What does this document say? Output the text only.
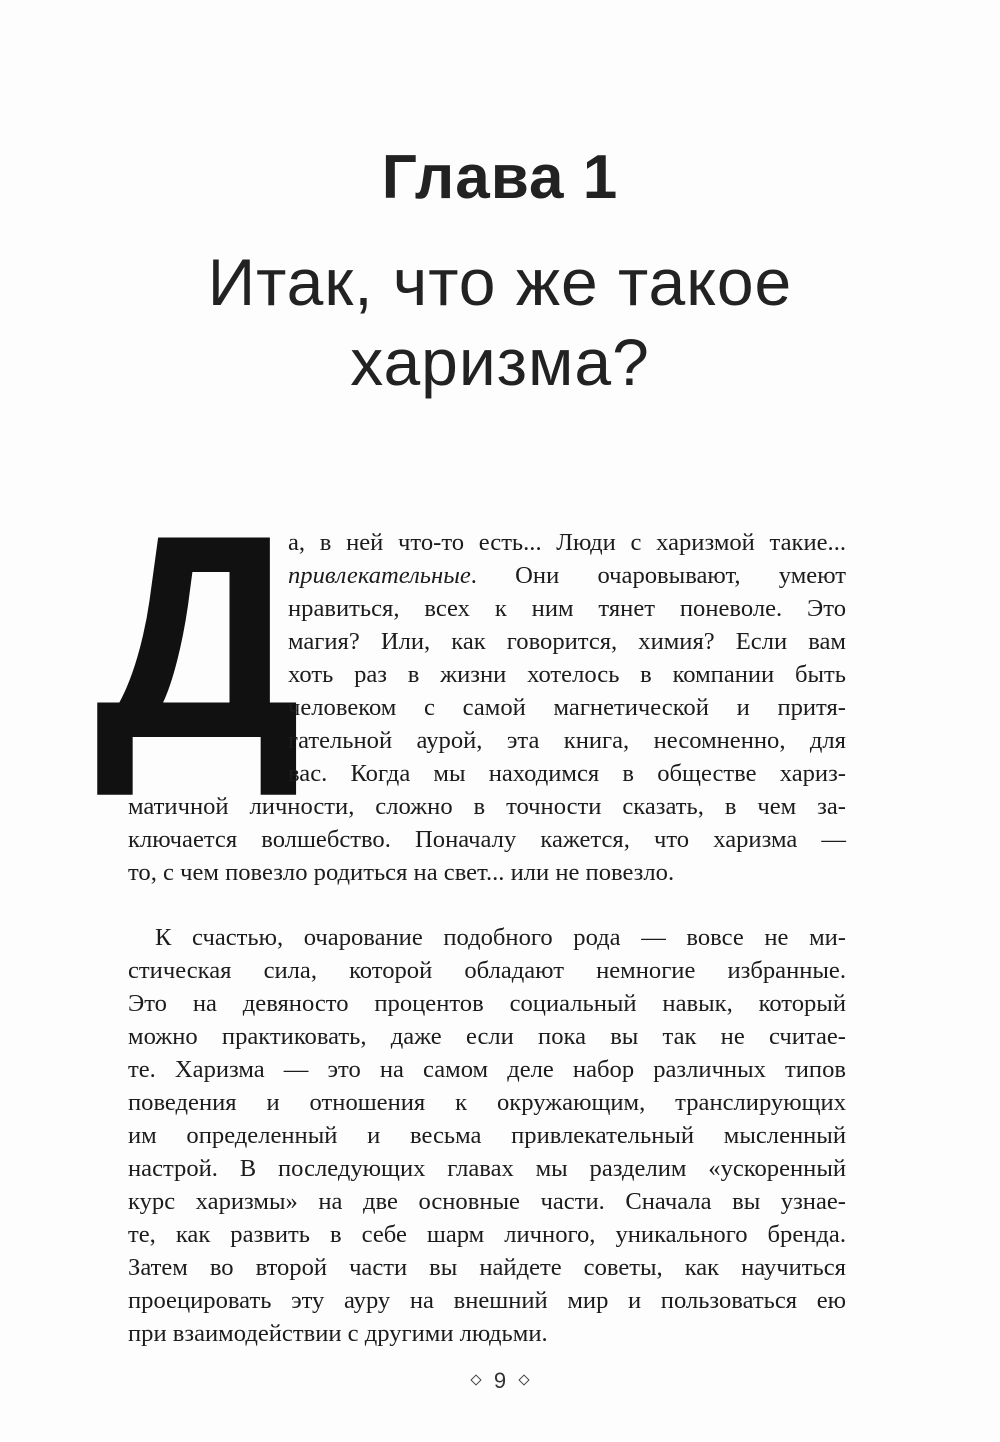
Глава 1
Итак, что же такое
харизма?
Д
а, в ней что-то есть... Люди с харизмой такие...
привлекательные. Они очаровывают, умеют
нравиться, всех к ним тянет поневоле. Это
магия? Или, как говорится, химия? Если вам
хоть раз в жизни хотелось в компании быть
человеком с самой магнетической и притя-
гательной аурой, эта книга, несомненно, для
вас. Когда мы находимся в обществе хариз-
матичной личности, сложно в точности сказать, в чем за-
ключается волшебство. Поначалу кажется, что харизма —
то, с чем повезло родиться на свет... или не повезло.
К счастью, очарование подобного рода — вовсе не ми-
стическая сила, которой обладают немногие избранные.
Это на девяносто процентов социальный навык, который
можно практиковать, даже если пока вы так не считае-
те. Харизма — это на самом деле набор различных типов
поведения и отношения к окружающим, транслирующих
им определенный и весьма привлекательный мысленный
настрой. В последующих главах мы разделим «ускоренный
курс харизмы» на две основные части. Сначала вы узнае-
те, как развить в себе шарм личного, уникального бренда.
Затем во второй части вы найдете советы, как научиться
проецировать эту ауру на внешний мир и пользоваться ею
при взаимодействии с другими людьми.
9
